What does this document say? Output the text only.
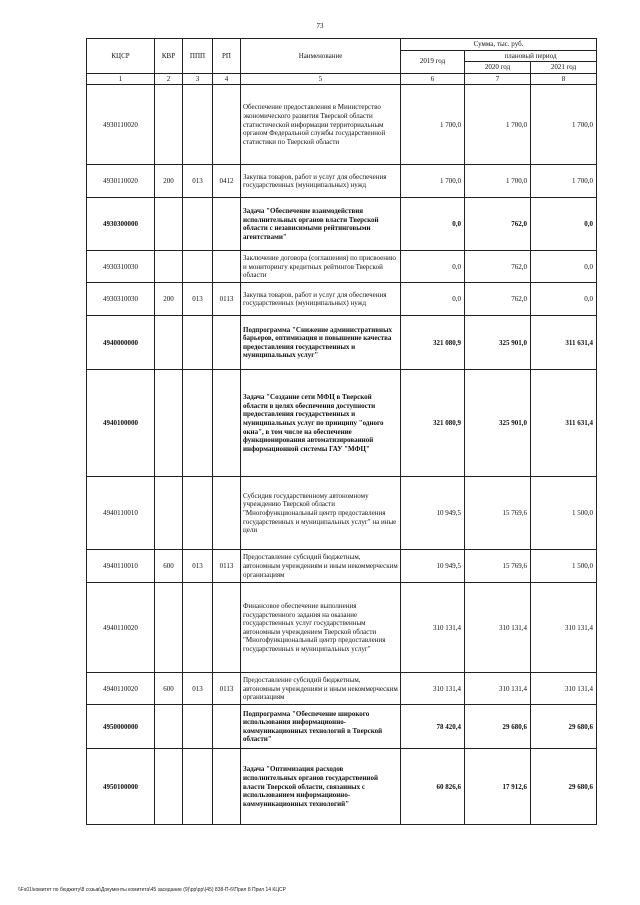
73
КЦСР	КВР	ППП	РП	Наименование	Сумма, тыс. руб.		
					2019 год	плановый период	
						2020 год	2021 год
1	2	3	4	5	6	7	8
4930110020				Обеспечение предоставления в Министерство экономического развития Тверской области статистической информации территориальным органом Федеральной службы государственной статистики по Тверской области	1 700,0	1 700,0	1 700,0
4930110020	200	013	0412	Закупка товаров, работ и услуг для обеспечения государственных (муниципальных) нужд	1 700,0	1 700,0	1 700,0
4930300000				Задача "Обеспечение взаимодействия исполнительных органов власти Тверской области с независимыми рейтинговыми агентствами"	0,0	762,0	0,0
4930310030				Заключение договора (соглашения) по присвоению и мониторингу кредитных рейтингов Тверской области	0,0	762,0	0,0
4930310030	200	013	0113	Закупка товаров, работ и услуг для обеспечения государственных (муниципальных) нужд	0,0	762,0	0,0
4940000000				Подпрограмма "Снижение административных барьеров, оптимизация и повышение качества предоставления государственных и муниципальных услуг"	321 080,9	325 901,0	311 631,4
4940100000				Задача "Создание сети МФЦ в Тверской области в целях обеспечения доступности предоставления государственных и муниципальных услуг по принципу "одного окна", в том числе на обеспечение функционирования автоматизированной информационной системы ГАУ "МФЦ"	321 080,9	325 901,0	311 631,4
4940110010				Субсидия государственному автономному учреждению Тверской области "Многофункциональный центр предоставления государственных и муниципальных услуг" на иные цели	10 949,5	15 769,6	1 500,0
4940110010	600	013	0113	Предоставление субсидий бюджетным, автономным учреждениям и иным некоммерческим организациям	10 949,5	15 769,6	1 500,0
4940110020				Финансовое обеспечение выполнения государственного задания на оказание государственных услуг государственным автономным учреждением Тверской области "Многофункциональный центр предоставления государственных и муниципальных услуг"	310 131,4	310 131,4	310 131,4
4940110020	600	013	0113	Предоставление субсидий бюджетным, автономным учреждениям и иным некоммерческим организациям	310 131,4	310 131,4	310 131,4
4950000000				Подпрограмма "Обеспечение широкого использования информационно-коммуникационных технологий в Тверской области"	78 420,4	29 680,6	29 680,6
4950100000				Задача "Оптимизация расходов исполнительных органов государственной власти Тверской области, связанных с использованием информационно-коммуникационных технологий"	60 826,6	17 912,6	29 680,6
\\Fs01\комитет по бюджету\8 созыв\Документы комитета\45 заседание (9)\рр\рр\(45) 838-П-6\Прил 8 Прил 14 КЦСР
